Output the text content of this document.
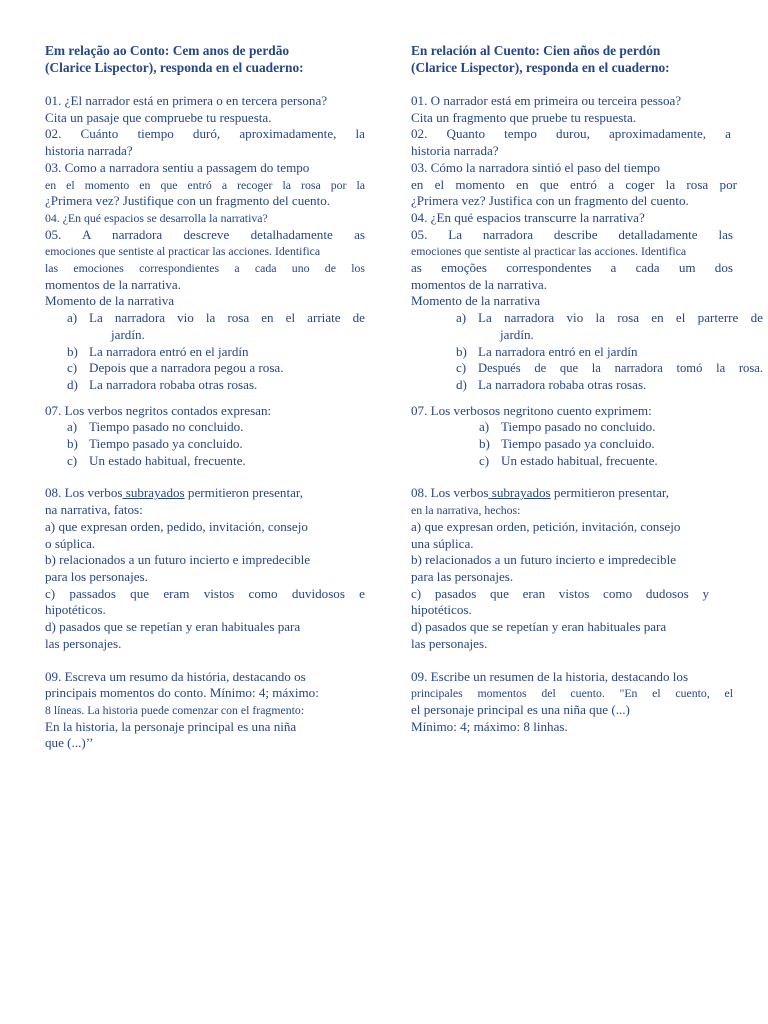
Em relação ao Conto: Cem anos de perdão
(Clarice Lispector), responda en el cuaderno:
01. ¿El narrador está en primera o en tercera persona?
Cita un pasaje que compruebe tu respuesta.
02. Cuánto tiempo duró, aproximadamente, la
historia narrada?
03. Como a narradora sentiu a passagem do tempo
en el momento en que entró a recoger la rosa por la
¿Primera vez? Justifique con un fragmento del cuento.
04. ¿En qué espacios se desarrolla la narrativa?
05. A narradora descreve detalhadamente as
emociones que sentiste al practicar las acciones. Identifica
las emociones correspondientes a cada uno de los
momentos de la narrativa.
Momento de la narrativa
a) La narradora vio la rosa en el arriate de
jardín.
b) La narradora entró en el jardín
c) Depois que a narradora pegou a rosa.
d) La narradora robaba otras rosas.
07. Los verbos negritos contados expresan:
a) Tiempo pasado no concluido.
b) Tiempo pasado ya concluido.
c) Un estado habitual, frecuente.
08. Los verbos subrayados permitieron presentar,
na narrativa, fatos:
a) que expresan orden, pedido, invitación, consejo
o súplica.
b) relacionados a un futuro incierto e impredecible
para los personajes.
c) passados que eram vistos como duvidosos e
hipotéticos.
d) pasados que se repetían y eran habituales para
las personajes.
09. Escreva um resumo da história, destacando os
principais momentos do conto. Mínimo: 4; máximo:
8 líneas. La historia puede comenzar con el fragmento:
En la historia, la personaje principal es una niña
que (...)’’
En relación al Cuento: Cien años de perdón
(Clarice Lispector), responda en el cuaderno:
01. O narrador está em primeira ou terceira pessoa?
Cita un fragmento que pruebe tu respuesta.
02. Quanto tempo durou, aproximadamente, a
historia narrada?
03. Cómo la narradora sintió el paso del tiempo
en el momento en que entró a coger la rosa por
¿Primera vez? Justifica con un fragmento del cuento.
04. ¿En qué espacios transcurre la narrativa?
05. La narradora describe detalladamente las
emociones que sentiste al practicar las acciones. Identifica
as emoções correspondentes a cada um dos
momentos de la narrativa.
Momento de la narrativa
a) La narradora vio la rosa en el parterre de
jardín.
b) La narradora entró en el jardín
c) Después de que la narradora tomó la rosa.
d) La narradora robaba otras rosas.
07. Los verbosos negritono cuento exprimem:
a) Tiempo pasado no concluido.
b) Tiempo pasado ya concluido.
c) Un estado habitual, frecuente.
08. Los verbos subrayados permitieron presentar,
en la narrativa, hechos:
a) que expresan orden, petición, invitación, consejo
una súplica.
b) relacionados a un futuro incierto e impredecible
para las personajes.
c) pasados que eran vistos como dudosos y
hipotéticos.
d) pasados que se repetían y eran habituales para
las personajes.
09. Escribe un resumen de la historia, destacando los
principales momentos del cuento. "En el cuento, el
el personaje principal es una niña que (...)
Mínimo: 4; máximo: 8 linhas.
